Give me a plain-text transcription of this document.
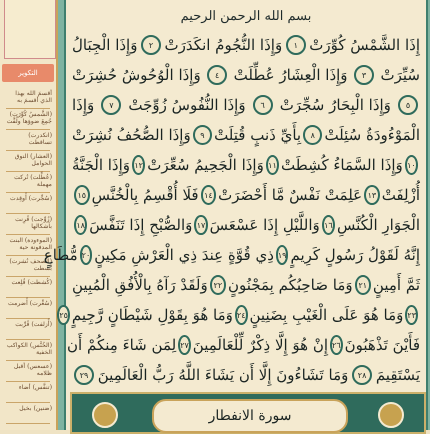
التكوير
أقسمَ الله بهذا الذي أقسمَ به
(الشَّمسُ كُوِّرَت) جُمِعَ ضوؤها ولُفَّت
(انكدرت) تساقطت
(العشار) النوق الحوامل
(عُطِّلت) تُركت مهملة
(سُجِّرت) أُوقِدت
(زُوِّجت) قُرِنت بأشكالها
(الموءودة) البنت المدفونة حية
(الصحف نُشرت) بُسطت
(كُشطت) قُلِعت
(سُعِّرت) أُضرمت
(أُزلفت) قُرِّبت
(الخُنَّس) الكواكب الخفية
(عسعس) أقبل ظلامه
(تنفَّس) أضاء
(ضنين) بخيل
بسم الله الرحمن الرحيم
إِذَا الشَّمْسُ كُوِّرَتْ
١
وَإِذَا النُّجُومُ انكَدَرَتْ
٢
وَإِذَا الْجِبَالُ
سُيِّرَتْ
٣
وَإِذَا الْعِشَارُ عُطِّلَتْ
٤
وَإِذَا الْوُحُوشُ حُشِرَتْ
٥
وَإِذَا الْبِحَارُ سُجِّرَتْ
٦
وَإِذَا النُّفُوسُ زُوِّجَتْ
٧
وَإِذَا
الْمَوْءُودَةُ سُئِلَتْ
٨
بِأَيِّ ذَنبٍ قُتِلَتْ
٩
وَإِذَا الصُّحُفُ نُشِرَتْ
١٠
وَإِذَا السَّمَاءُ كُشِطَتْ
١١
وَإِذَا الْجَحِيمُ سُعِّرَتْ
١٢
وَإِذَا الْجَنَّةُ
أُزْلِفَتْ
١٣
عَلِمَتْ نَفْسٌ مَّا أَحْضَرَتْ
١٤
فَلَا أُقْسِمُ بِالْخُنَّسِ
١٥
الْجَوَارِ الْكُنَّسِ
١٦
وَاللَّيْلِ إِذَا عَسْعَسَ
١٧
وَالصُّبْحِ إِذَا تَنَفَّسَ
١٨
إِنَّهُ لَقَوْلُ رَسُولٍ كَرِيمٍ
١٩
ذِي قُوَّةٍ عِندَ ذِي الْعَرْشِ مَكِينٍ
٢٠
مُّطَاعٍ
ثَمَّ أَمِينٍ
٢١
وَمَا صَاحِبُكُم بِمَجْنُونٍ
٢٢
وَلَقَدْ رَآهُ بِالْأُفُقِ الْمُبِينِ
٢٣
وَمَا هُوَ عَلَى الْغَيْبِ بِضَنِينٍ
٢٤
وَمَا هُوَ بِقَوْلِ شَيْطَانٍ رَّجِيمٍ
٢٥
فَأَيْنَ تَذْهَبُونَ
٢٦
إِنْ هُوَ إِلَّا ذِكْرٌ لِّلْعَالَمِينَ
٢٧
لِمَن شَاءَ مِنكُمْ أَن
يَسْتَقِيمَ
٢٨
وَمَا تَشَاءُونَ إِلَّا أَن يَشَاءَ اللَّهُ رَبُّ الْعَالَمِينَ
٢٩
سورة الانفطار
